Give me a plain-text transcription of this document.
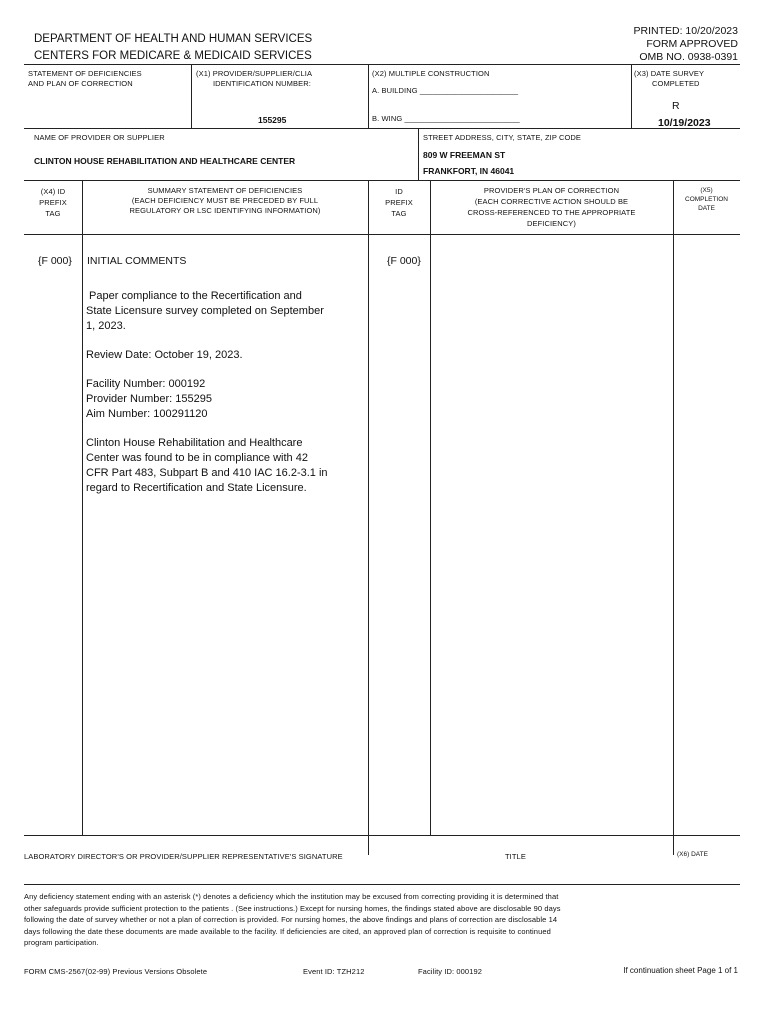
DEPARTMENT OF HEALTH AND HUMAN SERVICES
CENTERS FOR MEDICARE & MEDICAID SERVICES
PRINTED: 10/20/2023
FORM APPROVED
OMB NO. 0938-0391
STATEMENT OF DEFICIENCIES
AND PLAN OF CORRECTION
(X1) PROVIDER/SUPPLIER/CLIA
IDENTIFICATION NUMBER:
155295
(X2) MULTIPLE CONSTRUCTION
A. BUILDING _______________________
B. WING ___________________________
(X3) DATE SURVEY
COMPLETED
R
10/19/2023
NAME OF PROVIDER OR SUPPLIER
CLINTON HOUSE REHABILITATION AND HEALTHCARE CENTER
STREET ADDRESS, CITY, STATE, ZIP CODE
809 W FREEMAN ST
FRANKFORT, IN 46041
(X4) ID
PREFIX
TAG
SUMMARY STATEMENT OF DEFICIENCIES
(EACH DEFICIENCY MUST BE PRECEDED BY FULL
REGULATORY OR LSC IDENTIFYING INFORMATION)
ID
PREFIX
TAG
PROVIDER'S PLAN OF CORRECTION
(EACH CORRECTIVE ACTION SHOULD BE
CROSS-REFERENCED TO THE APPROPRIATE
DEFICIENCY)
(X5)
COMPLETION
DATE
{F 000} INITIAL COMMENTS	{F 000}
Paper compliance to the Recertification and
State Licensure survey completed on September
1, 2023.
Review Date: October 19, 2023.
Facility Number: 000192
Provider Number: 155295
Aim Number: 100291120
Clinton House Rehabilitation and Healthcare
Center was found to be in compliance with 42
CFR Part 483, Subpart B and 410 IAC 16.2-3.1 in
regard to Recertification and State Licensure.
LABORATORY DIRECTOR'S OR PROVIDER/SUPPLIER REPRESENTATIVE'S SIGNATURE	TITLE	(X6) DATE
Any deficiency statement ending with an asterisk (*) denotes a deficiency which the institution may be excused from correcting providing it is determined that
other safeguards provide sufficient protection to the patients . (See instructions.) Except for nursing homes, the findings stated above are disclosable 90 days
following the date of survey whether or not a plan of correction is provided. For nursing homes, the above findings and plans of correction are disclosable 14
days following the date these documents are made available to the facility. If deficiencies are cited, an approved plan of correction is requisite to continued
program participation.
FORM CMS-2567(02-99) Previous Versions Obsolete	Event ID: TZH212	Facility ID: 000192	If continuation sheet Page 1 of 1
